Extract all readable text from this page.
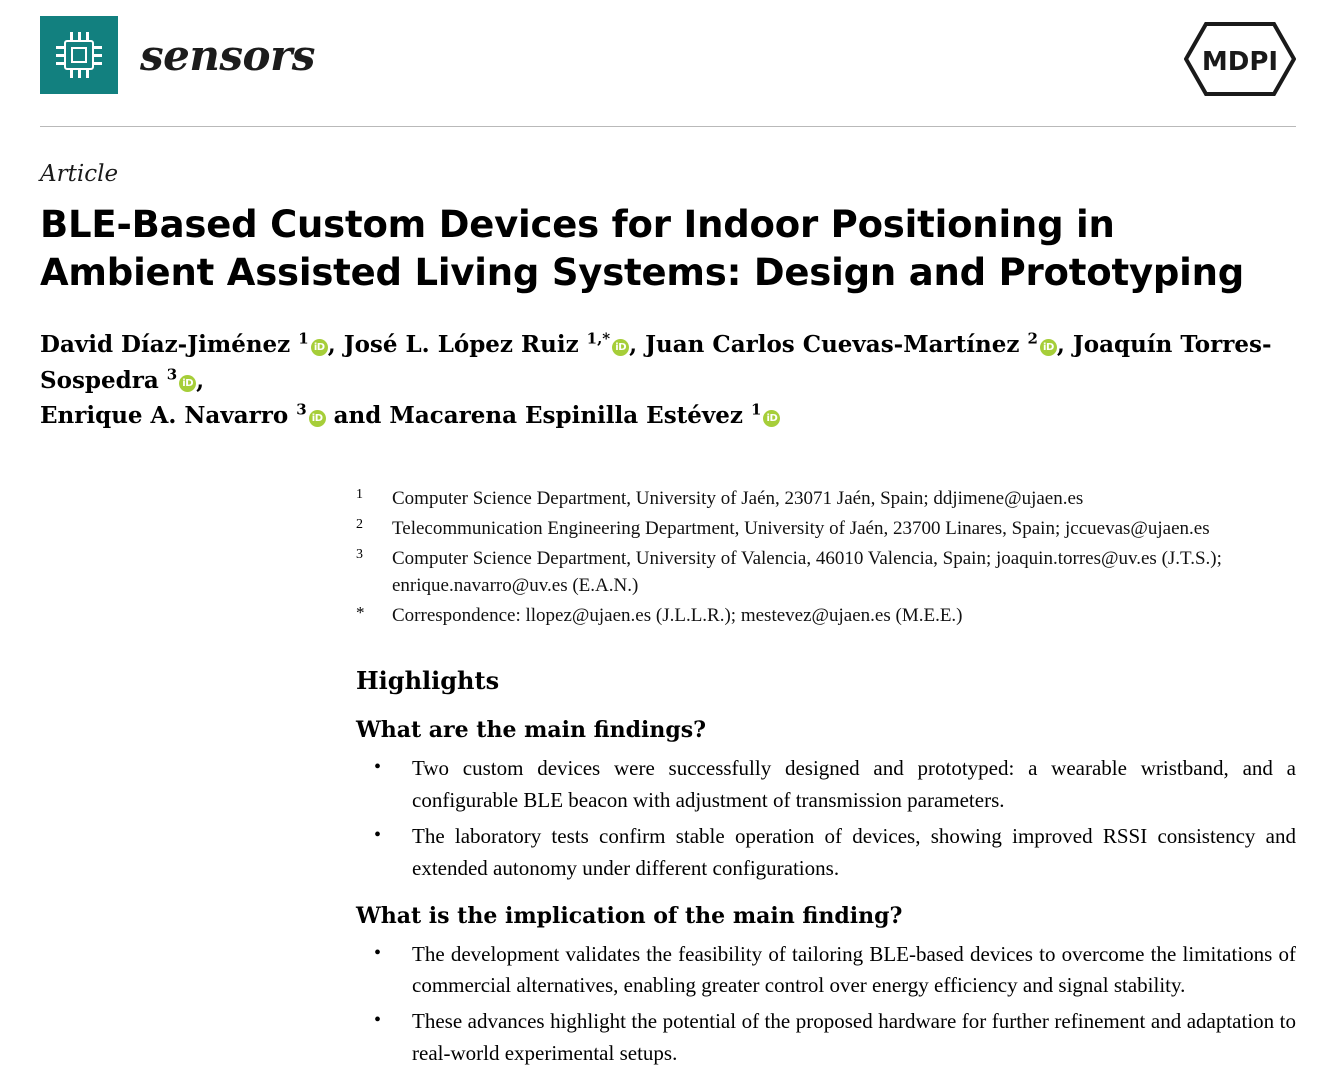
sensors	MDPI
Article
BLE-Based Custom Devices for Indoor Positioning in Ambient Assisted Living Systems: Design and Prototyping
David Díaz-Jiménez $^1$iD , José L. López Ruiz $^{1,*}$iD , Juan Carlos Cuevas-Martínez $^2$iD , Joaquín Torres-Sospedra $^3$iD ,
Enrique A. Navarro $^3$iD and Macarena Espinilla Estévez $^1$iD
1	Computer Science Department, University of Jaén, 23071 Jaén, Spain; ddjimene@ujaen.es
2	Telecommunication Engineering Department, University of Jaén, 23700 Linares, Spain; jccuevas@ujaen.es
3	Computer Science Department, University of Valencia, 46010 Valencia, Spain; joaquin.torres@uv.es (J.T.S.); enrique.navarro@uv.es (E.A.N.)
*	Correspondence: llopez@ujaen.es (J.L.L.R.); mestevez@ujaen.es (M.E.E.)
Highlights
What are the main findings?
• Two custom devices were successfully designed and prototyped: a wearable wristband, and a configurable BLE beacon with adjustment of transmission parameters.
• The laboratory tests confirm stable operation of devices, showing improved RSSI consistency and extended autonomy under different configurations.
What is the implication of the main finding?
• The development validates the feasibility of tailoring BLE-based devices to overcome the limitations of commercial alternatives, enabling greater control over energy efficiency and signal stability.
• These advances highlight the potential of the proposed hardware for further refinement and adaptation to real-world experimental setups.
